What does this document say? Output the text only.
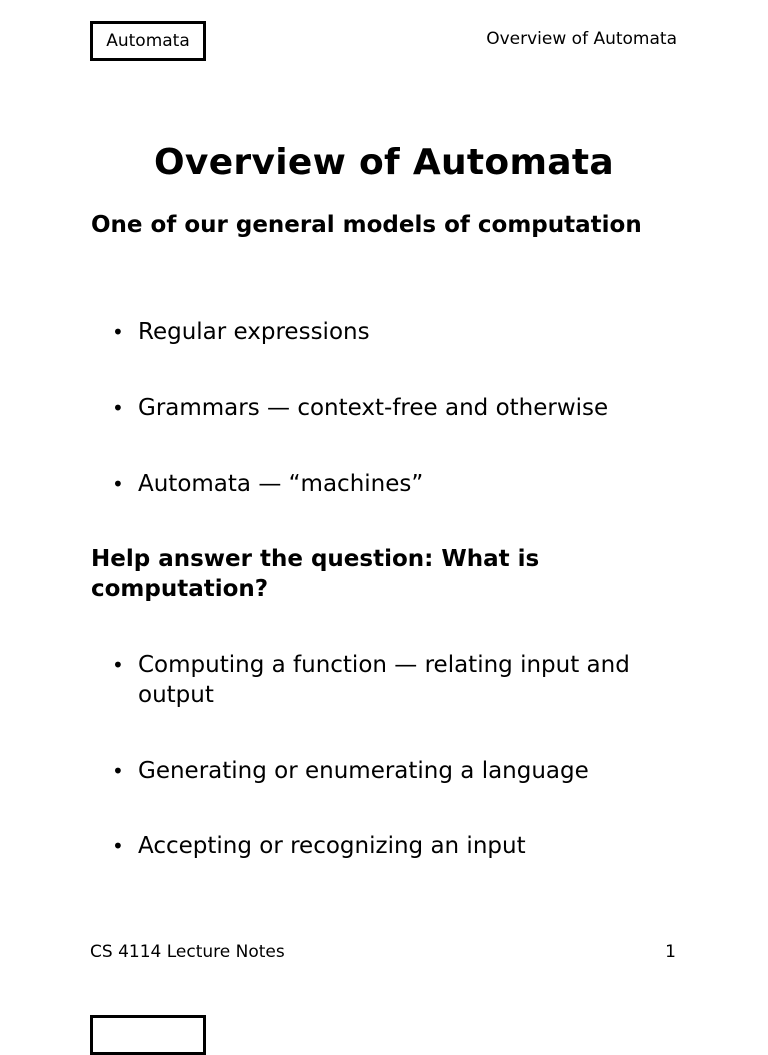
Automata	Overview of Automata
Overview of Automata
One of our general models of computation
• Regular expressions
• Grammars — context-free and otherwise
• Automata — “machines”
Help answer the question: What is computation?
• Computing a function — relating input and output
• Generating or enumerating a language
• Accepting or recognizing an input
CS 4114 Lecture Notes	1
